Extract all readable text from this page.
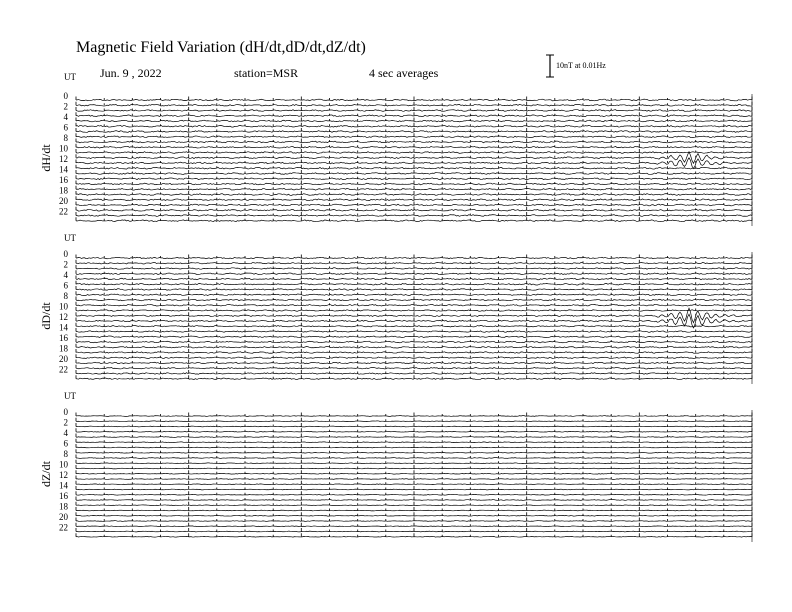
Magnetic Field Variation (dH/dt,dD/dt,dZ/dt)
Jun. 9 , 2022	station=MSR	4 sec averages
10nT at 0.01Hz
UT
dH/dt
0
2
4
6
8
10
12
14
16
18
20
22
UT
dD/dt
0
2
4
6
8
10
12
14
16
18
20
22
UT
dZ/dt
0
2
4
6
8
10
12
14
16
18
20
22
